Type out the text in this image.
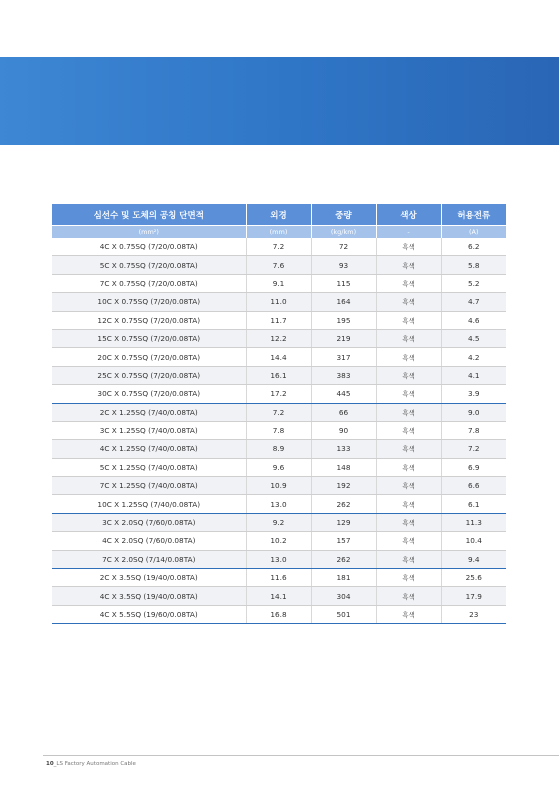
심선수 및 도체의 공칭 단면적	외경	중량	색상	허용전류
(mm²)	(mm)	(kg/km)	-	(A)
4C X 0.75SQ (7/20/0.08TA)	7.2	72	흑색	6.2
5C X 0.75SQ (7/20/0.08TA)	7.6	93	흑색	5.8
7C X 0.75SQ (7/20/0.08TA)	9.1	115	흑색	5.2
10C X 0.75SQ (7/20/0.08TA)	11.0	164	흑색	4.7
12C X 0.75SQ (7/20/0.08TA)	11.7	195	흑색	4.6
15C X 0.75SQ (7/20/0.08TA)	12.2	219	흑색	4.5
20C X 0.75SQ (7/20/0.08TA)	14.4	317	흑색	4.2
25C X 0.75SQ (7/20/0.08TA)	16.1	383	흑색	4.1
30C X 0.75SQ (7/20/0.08TA)	17.2	445	흑색	3.9
2C X 1.25SQ (7/40/0.08TA)	7.2	66	흑색	9.0
3C X 1.25SQ (7/40/0.08TA)	7.8	90	흑색	7.8
4C X 1.25SQ (7/40/0.08TA)	8.9	133	흑색	7.2
5C X 1.25SQ (7/40/0.08TA)	9.6	148	흑색	6.9
7C X 1.25SQ (7/40/0.08TA)	10.9	192	흑색	6.6
10C X 1.25SQ (7/40/0.08TA)	13.0	262	흑색	6.1
3C X 2.0SQ (7/60/0.08TA)	9.2	129	흑색	11.3
4C X 2.0SQ (7/60/0.08TA)	10.2	157	흑색	10.4
7C X 2.0SQ (7/14/0.08TA)	13.0	262	흑색	9.4
2C X 3.5SQ (19/40/0.08TA)	11.6	181	흑색	25.6
4C X 3.5SQ (19/40/0.08TA)	14.1	304	흑색	17.9
4C X 5.5SQ (19/60/0.08TA)	16.8	501	흑색	23
10_LS Factory Automation Cable
